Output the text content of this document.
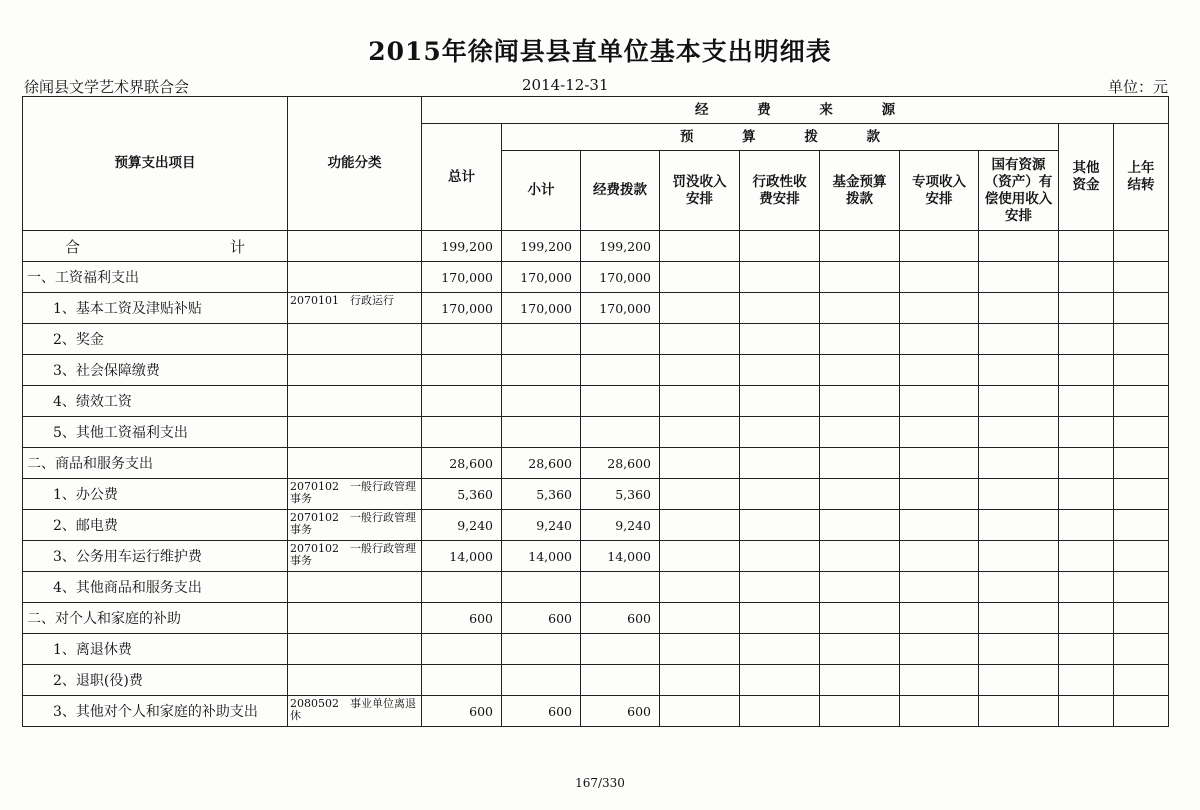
2015年徐闻县县直单位基本支出明细表
徐闻县文学艺术界联合会	2014-12-31	单位：元
预算支出项目	功能分类	经 费 来 源									
		总计	预 算 拨 款							其他资金	上年结转
			小计	经费拨款	罚没收入安排	行政性收费安排	基金预算拨款	专项收入安排	国有资源（资产）有偿使用收入安排		
合　　计		199,200	199,200	199,200							
一、工资福利支出		170,000	170,000	170,000							
1、基本工资及津贴补贴	2070101　行政运行	170,000	170,000	170,000							
2、奖金											
3、社会保障缴费											
4、绩效工资											
5、其他工资福利支出											
二、商品和服务支出		28,600	28,600	28,600							
1、办公费	2070102　一般行政管理事务	5,360	5,360	5,360							
2、邮电费	2070102　一般行政管理事务	9,240	9,240	9,240							
3、公务用车运行维护费	2070102　一般行政管理事务	14,000	14,000	14,000							
4、其他商品和服务支出											
二、对个人和家庭的补助		600	600	600							
1、离退休费											
2、退职(役)费											
3、其他对个人和家庭的补助支出	2080502　事业单位离退休	600	600	600							
167/330
